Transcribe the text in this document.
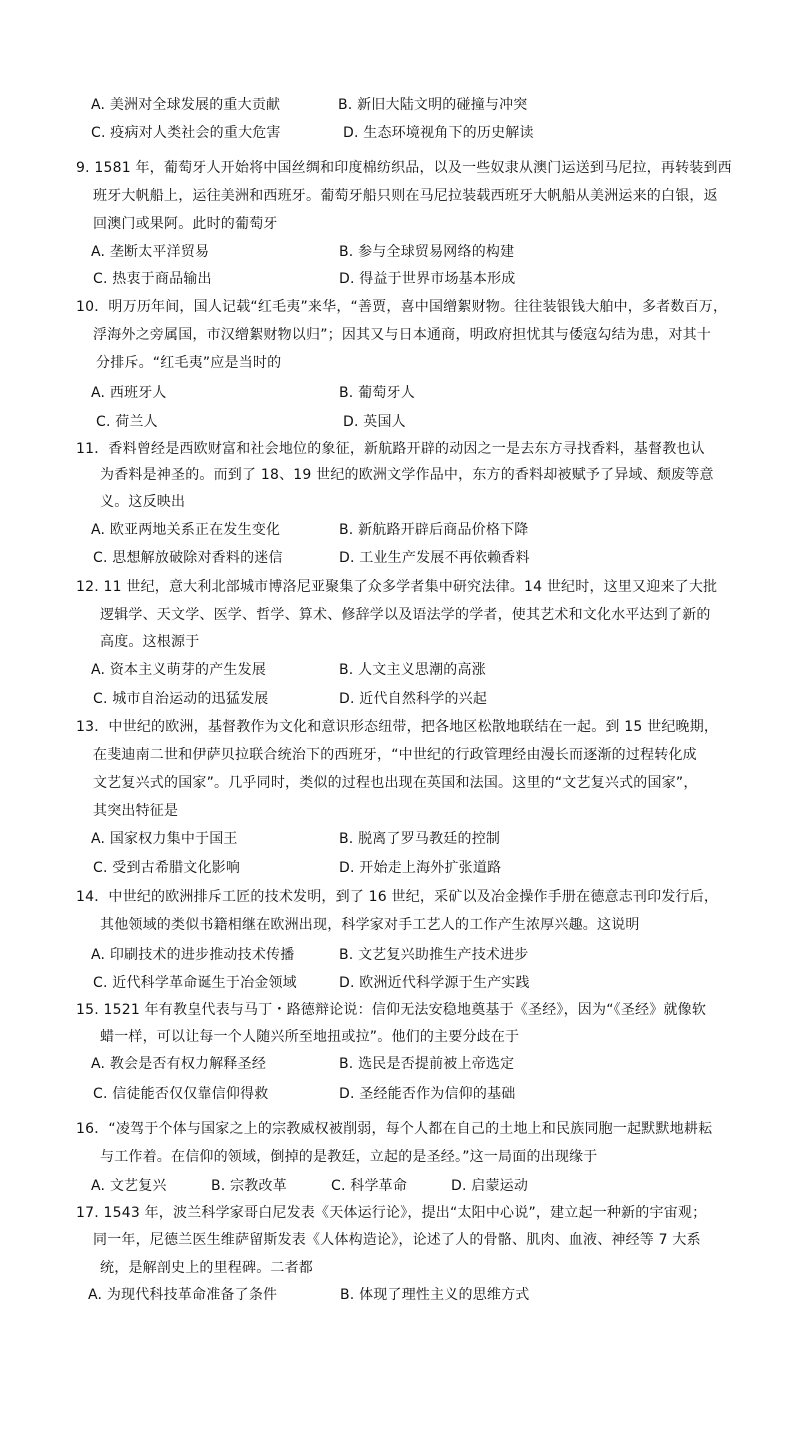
A. 美洲对全球发展的重大贡献	B. 新旧大陆文明的碰撞与冲突
C. 疫病对人类社会的重大危害	D. 生态环境视角下的历史解读
9. 1581 年，葡萄牙人开始将中国丝绸和印度棉纺织品，以及一些奴隶从澳门运送到马尼拉，再转装到西
班牙大帆船上，运往美洲和西班牙。葡萄牙船只则在马尼拉装载西班牙大帆船从美洲运来的白银，返
回澳门或果阿。此时的葡萄牙
A. 垄断太平洋贸易	B. 参与全球贸易网络的构建
C. 热衷于商品输出	D. 得益于世界市场基本形成
10．明万历年间，国人记载“红毛夷”来华，“善贾，喜中国缯絮财物。往往装银钱大舶中，多者数百万，
浮海外之旁属国，市汉缯絮财物以归”；因其又与日本通商，明政府担忧其与倭寇勾结为患，对其十
分排斥。“红毛夷”应是当时的
A. 西班牙人	B. 葡萄牙人
C. 荷兰人	D. 英国人
11．香料曾经是西欧财富和社会地位的象征，新航路开辟的动因之一是去东方寻找香料，基督教也认
为香料是神圣的。而到了 18、19 世纪的欧洲文学作品中，东方的香料却被赋予了异域、颓废等意
义。这反映出
A. 欧亚两地关系正在发生变化	B. 新航路开辟后商品价格下降
C. 思想解放破除对香料的迷信	D. 工业生产发展不再依赖香料
12. 11 世纪，意大利北部城市博洛尼亚聚集了众多学者集中研究法律。14 世纪时，这里又迎来了大批
逻辑学、天文学、医学、哲学、算术、修辞学以及语法学的学者，使其艺术和文化水平达到了新的
高度。这根源于
A. 资本主义萌芽的产生发展	B. 人文主义思潮的高涨
C. 城市自治运动的迅猛发展	D. 近代自然科学的兴起
13．中世纪的欧洲，基督教作为文化和意识形态纽带，把各地区松散地联结在一起。到 15 世纪晚期，
在斐迪南二世和伊萨贝拉联合统治下的西班牙，“中世纪的行政管理经由漫长而逐渐的过程转化成
文艺复兴式的国家”。几乎同时，类似的过程也出现在英国和法国。这里的“文艺复兴式的国家”，
其突出特征是
A. 国家权力集中于国王	B. 脱离了罗马教廷的控制
C. 受到古希腊文化影响	D. 开始走上海外扩张道路
14．中世纪的欧洲排斥工匠的技术发明，到了 16 世纪，采矿以及冶金操作手册在德意志刊印发行后，
其他领域的类似书籍相继在欧洲出现，科学家对手工艺人的工作产生浓厚兴趣。这说明
A. 印刷技术的进步推动技术传播	B. 文艺复兴助推生产技术进步
C. 近代科学革命诞生于冶金领域	D. 欧洲近代科学源于生产实践
15. 1521 年有教皇代表与马丁・路德辩论说：信仰无法安稳地奠基于《圣经》，因为“《圣经》就像软
蜡一样，可以让每一个人随兴所至地扭或拉”。他们的主要分歧在于
A. 教会是否有权力解释圣经	B. 选民是否提前被上帝选定
C. 信徒能否仅仅靠信仰得救	D. 圣经能否作为信仰的基础
16．“凌驾于个体与国家之上的宗教威权被削弱，每个人都在自己的土地上和民族同胞一起默默地耕耘
与工作着。在信仰的领域，倒掉的是教廷，立起的是圣经。”这一局面的出现缘于
A. 文艺复兴	B. 宗教改革	C. 科学革命	D. 启蒙运动
17. 1543 年，波兰科学家哥白尼发表《天体运行论》，提出“太阳中心说”，建立起一种新的宇宙观；
同一年，尼德兰医生维萨留斯发表《人体构造论》，论述了人的骨骼、肌肉、血液、神经等 7 大系
统，是解剖史上的里程碑。二者都
A. 为现代科技革命准备了条件	B. 体现了理性主义的思维方式
